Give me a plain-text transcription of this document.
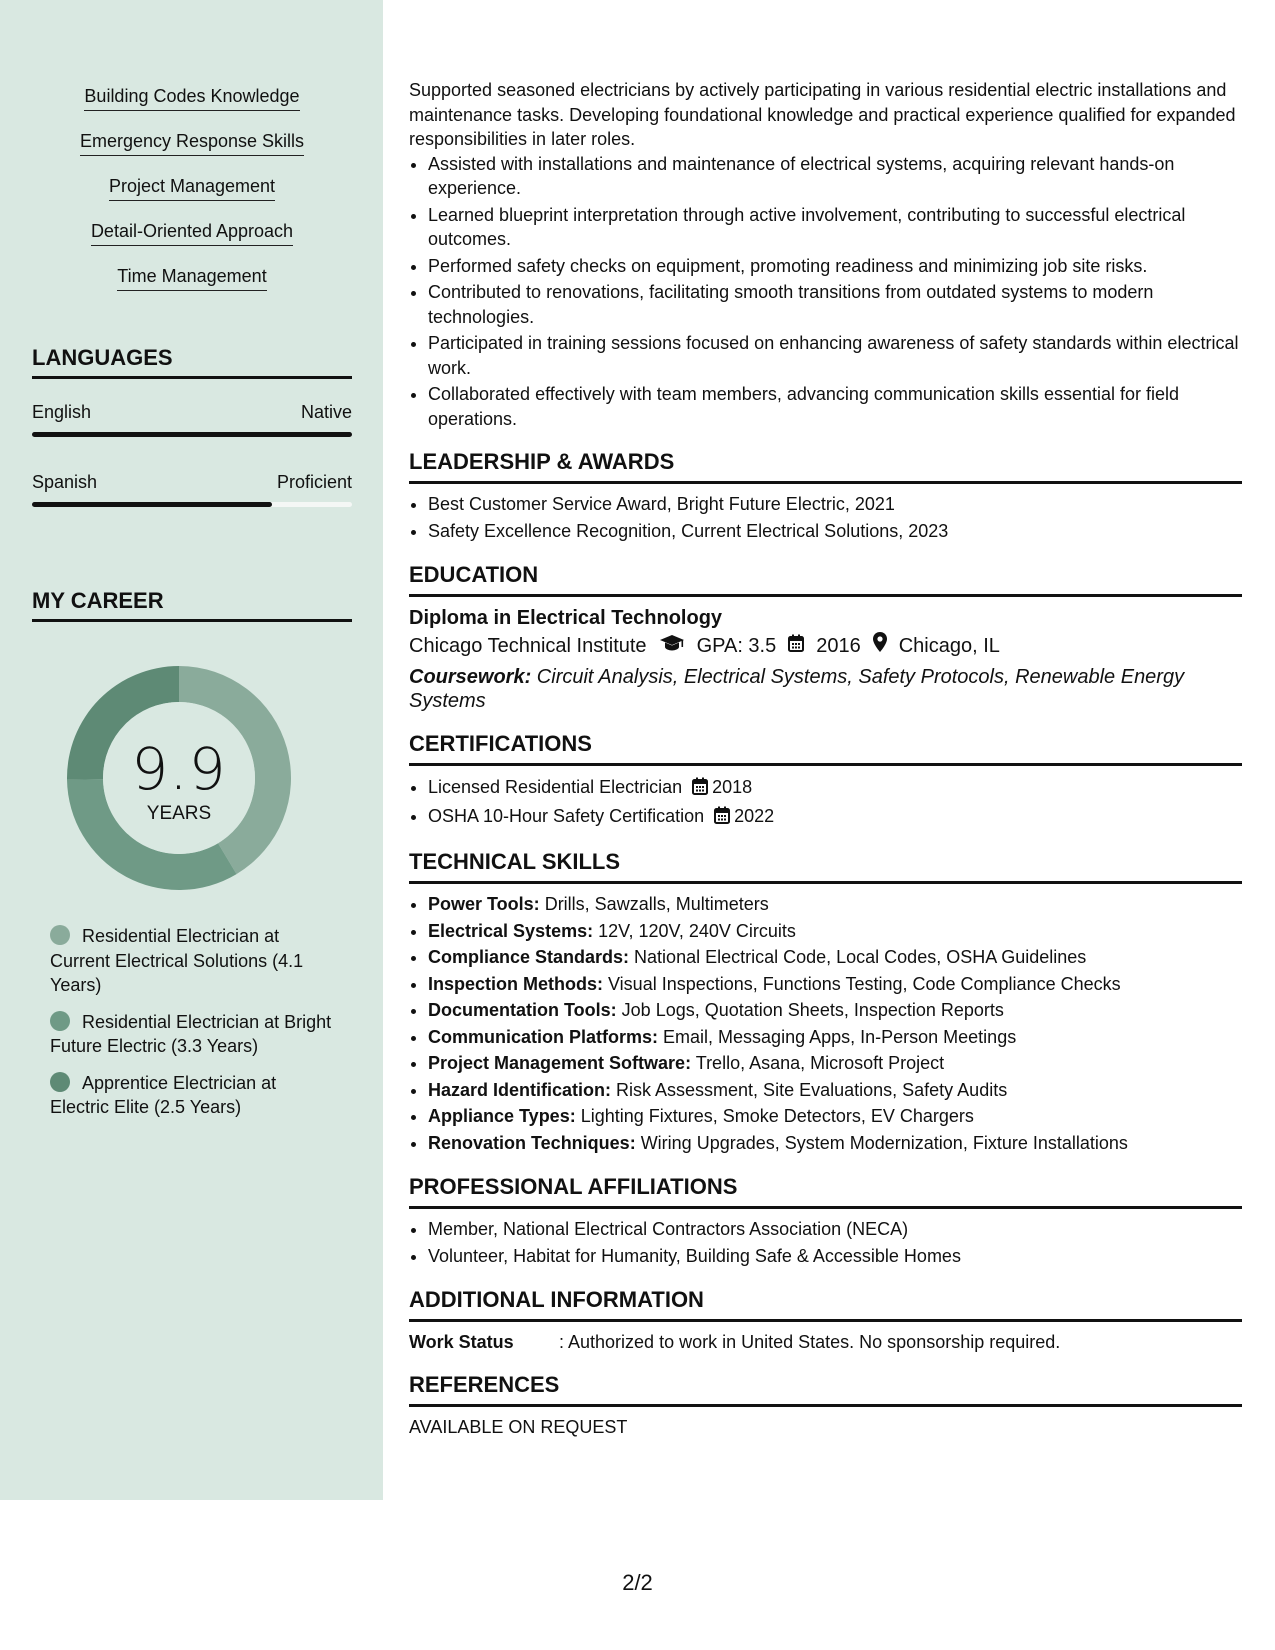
Building Codes Knowledge
Emergency Response Skills
Project Management
Detail-Oriented Approach
Time Management
LANGUAGES
English	Native
Spanish	Proficient
MY CAREER
9.9
YEARS
Residential Electrician at Current Electrical Solutions (4.1 Years)
Residential Electrician at Bright Future Electric (3.3 Years)
Apprentice Electrician at Electric Elite (2.5 Years)

Supported seasoned electricians by actively participating in various residential electric installations and maintenance tasks. Developing foundational knowledge and practical experience qualified for expanded responsibilities in later roles.

• Assisted with installations and maintenance of electrical systems, acquiring relevant hands-on experience.
• Learned blueprint interpretation through active involvement, contributing to successful electrical outcomes.
• Performed safety checks on equipment, promoting readiness and minimizing job site risks.
• Contributed to renovations, facilitating smooth transitions from outdated systems to modern technologies.
• Participated in training sessions focused on enhancing awareness of safety standards within electrical work.
• Collaborated effectively with team members, advancing communication skills essential for field operations.
LEADERSHIP & AWARDS
• Best Customer Service Award, Bright Future Electric, 2021
• Safety Excellence Recognition, Current Electrical Solutions, 2023
EDUCATION
Diploma in Electrical Technology
Chicago Technical Institute	GPA: 3.5 2016 Chicago, IL
Coursework: Circuit Analysis, Electrical Systems, Safety Protocols, Renewable Energy Systems
CERTIFICATIONS
• Licensed Residential Electrician 2018
• OSHA 10-Hour Safety Certification 2022
TECHNICAL SKILLS
• Power Tools: Drills, Sawzalls, Multimeters
• Electrical Systems: 12V, 120V, 240V Circuits
• Compliance Standards: National Electrical Code, Local Codes, OSHA Guidelines
• Inspection Methods: Visual Inspections, Functions Testing, Code Compliance Checks
• Documentation Tools: Job Logs, Quotation Sheets, Inspection Reports
• Communication Platforms: Email, Messaging Apps, In-Person Meetings
• Project Management Software: Trello, Asana, Microsoft Project
• Hazard Identification: Risk Assessment, Site Evaluations, Safety Audits
• Appliance Types: Lighting Fixtures, Smoke Detectors, EV Chargers
• Renovation Techniques: Wiring Upgrades, System Modernization, Fixture Installations
PROFESSIONAL AFFILIATIONS
• Member, National Electrical Contractors Association (NECA)
• Volunteer, Habitat for Humanity, Building Safe & Accessible Homes
ADDITIONAL INFORMATION
Work Status	: Authorized to work in United States. No sponsorship required.
REFERENCES
AVAILABLE ON REQUEST
2/2
